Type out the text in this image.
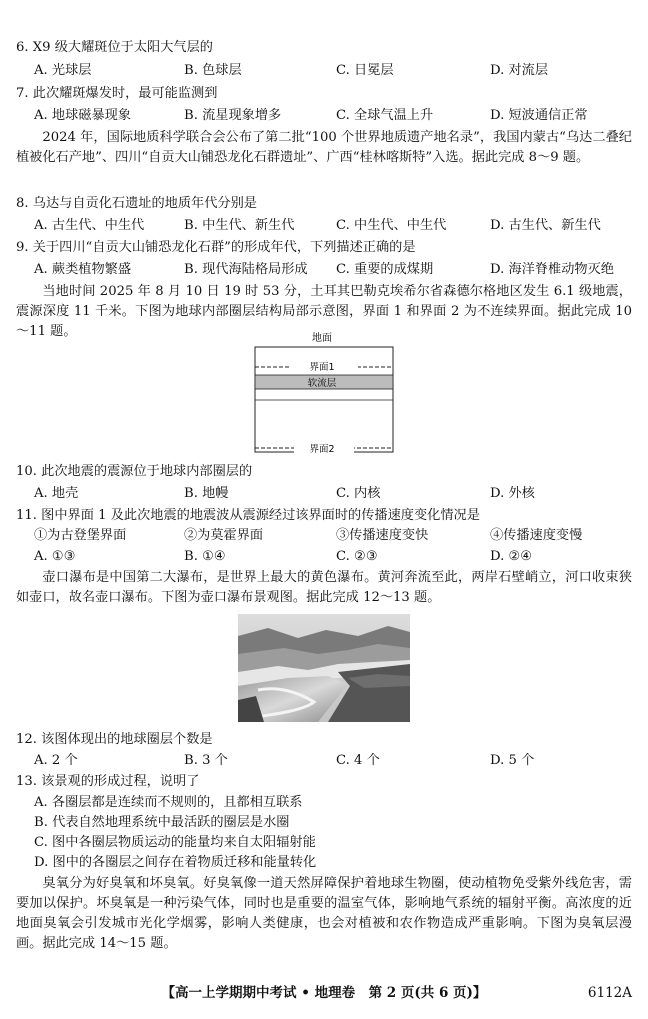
6. X9 级大耀斑位于太阳大气层的
A. 光球层	B. 色球层	C. 日冕层	D. 对流层
7. 此次耀斑爆发时，最可能监测到
A. 地球磁暴现象	B. 流星现象增多	C. 全球气温上升	D. 短波通信正常
2024 年，国际地质科学联合会公布了第二批“100 个世界地质遗产地名录”，我国内蒙古“乌达二叠纪植被化石产地”、四川“自贡大山铺恐龙化石群遗址”、广西“桂林喀斯特”入选。据此完成 8～9 题。
8. 乌达与自贡化石遗址的地质年代分别是
A. 古生代、中生代	B. 中生代、新生代	C. 中生代、中生代	D. 古生代、新生代
9. 关于四川“自贡大山铺恐龙化石群”的形成年代，下列描述正确的是
A. 蕨类植物繁盛	B. 现代海陆格局形成 C. 重要的成煤期	D. 海洋脊椎动物灭绝
当地时间 2025 年 8 月 10 日 19 时 53 分，土耳其巴勒克埃希尔省森德尔格地区发生 6.1 级地震，震源深度 11 千米。下图为地球内部圈层结构局部示意图，界面 1 和界面 2 为不连续界面。据此完成 10～11 题。	地面
界面1
软流层
界面2
10. 此次地震的震源位于地球内部圈层的
A. 地壳	B. 地幔	C. 内核	D. 外核
11. 图中界面 1 及此次地震的地震波从震源经过该界面时的传播速度变化情况是
①为古登堡界面	②为莫霍界面	③传播速度变快	④传播速度变慢
A. ①③	B. ①④	C. ②③	D. ②④
壶口瀑布是中国第二大瀑布，是世界上最大的黄色瀑布。黄河奔流至此，两岸石壁峭立，河口收束狭如壶口，故名壶口瀑布。下图为壶口瀑布景观图。据此完成 12～13 题。
12. 该图体现出的地球圈层个数是
A. 2 个	B. 3 个	C. 4 个	D. 5 个
13. 该景观的形成过程，说明了
A. 各圈层都是连续而不规则的，且都相互联系
B. 代表自然地理系统中最活跃的圈层是水圈
C. 图中各圈层物质运动的能量均来自太阳辐射能
D. 图中的各圈层之间存在着物质迁移和能量转化
臭氧分为好臭氧和坏臭氧。好臭氧像一道天然屏障保护着地球生物圈，使动植物免受紫外线危害，需要加以保护。坏臭氧是一种污染气体，同时也是重要的温室气体，影响地气系统的辐射平衡。高浓度的近地面臭氧会引发城市光化学烟雾，影响人类健康，也会对植被和农作物造成严重影响。下图为臭氧层漫画。据此完成 14～15 题。
【高一上学期期中考试 • 地理卷　第 2 页(共 6 页)】	6112A
